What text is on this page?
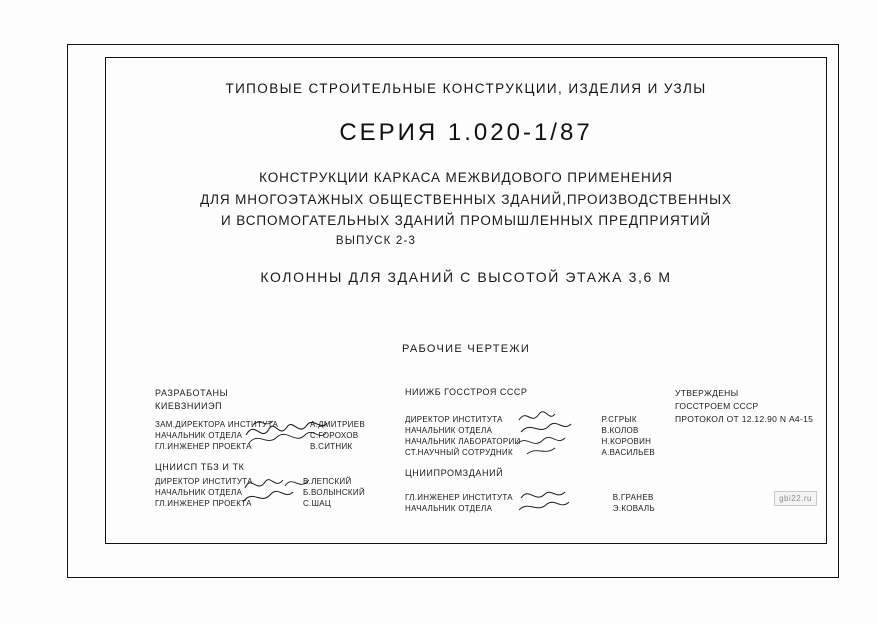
ТИПОВЫЕ СТРОИТЕЛЬНЫЕ КОНСТРУКЦИИ, ИЗДЕЛИЯ И УЗЛЫ
СЕРИЯ 1.020-1/87
КОНСТРУКЦИИ КАРКАСА МЕЖВИДОВОГО ПРИМЕНЕНИЯ
ДЛЯ МНОГОЭТАЖНЫХ ОБЩЕСТВЕННЫХ ЗДАНИЙ,ПРОИЗВОДСТВЕННЫХ
И ВСПОМОГАТЕЛЬНЫХ ЗДАНИЙ ПРОМЫШЛЕННЫХ ПРЕДПРИЯТИЙ
ВЫПУСК 2-3
КОЛОННЫ ДЛЯ ЗДАНИЙ С ВЫСОТОЙ ЭТАЖА 3,6 М
РАБОЧИЕ ЧЕРТЕЖИ
РАЗРАБОТАНЫ
КИЕВЗНИИЭП
ЗАМ.ДИРЕКТОРА ИНСТИТУТА
НАЧАЛЬНИК ОТДЕЛА
ГЛ.ИНЖЕНЕР ПРОЕКТА
А.ДМИТРИЕВ
С.ГОРОХОВ
В.СИТНИК
ЦНИИСП ТБЗ И ТК
ДИРЕКТОР ИНСТИТУТА
НАЧАЛЬНИК ОТДЕЛА
ГЛ.ИНЖЕНЕР ПРОЕКТА
В.ЛЕПСКИЙ
Б.ВОЛЫНСКИЙ
С.ШАЦ
НИИЖБ ГОССТРОЯ СССР
ДИРЕКТОР ИНСТИТУТА
НАЧАЛЬНИК ОТДЕЛА
НАЧАЛЬНИК ЛАБОРАТОРИИ
СТ.НАУЧНЫЙ СОТРУДНИК
Р.СГРЫК
В.КОЛОВ
Н.КОРОВИН
А.ВАСИЛЬЕВ
ЦНИИПРОМЗДАНИЙ
ГЛ.ИНЖЕНЕР ИНСТИТУТА
НАЧАЛЬНИК ОТДЕЛА
В.ГРАНЕВ
Э.КОВАЛЬ
УТВЕРЖДЕНЫ
ГОССТРОЕМ СССР
ПРОТОКОЛ ОТ 12.12.90 N А4-15
gbi22.ru
